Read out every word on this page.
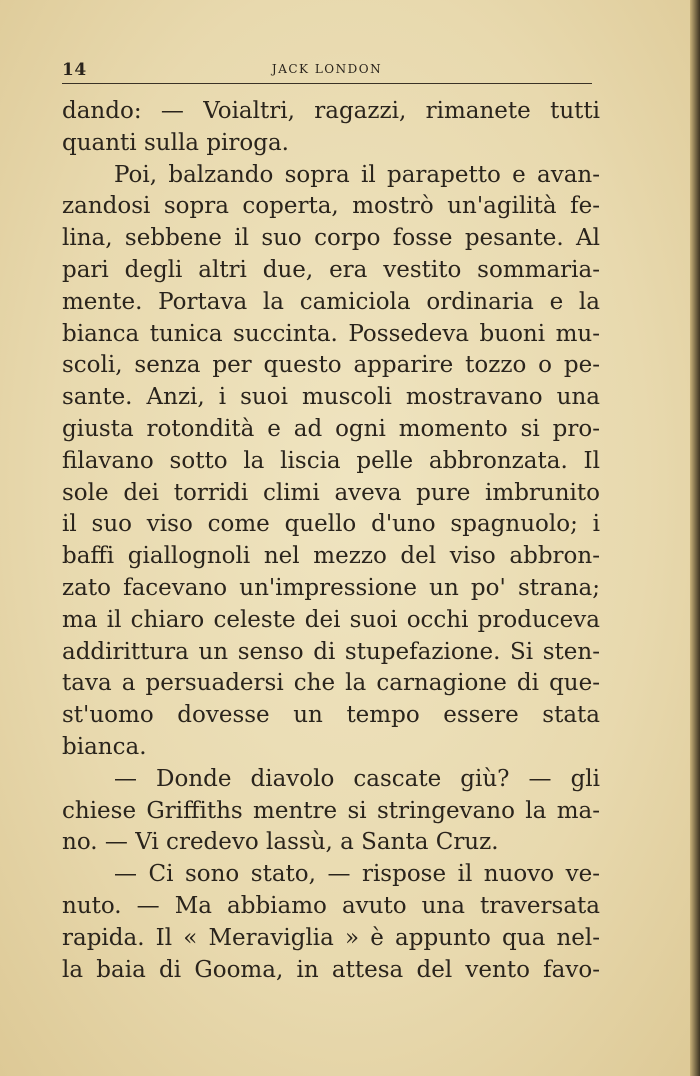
14	JACK LONDON
dando: — Voialtri, ragazzi, rimanete tutti
quanti sulla piroga.
Poi, balzando sopra il parapetto e avan-
zandosi sopra coperta, mostrò un'agilità fe-
lina, sebbene il suo corpo fosse pesante. Al
pari degli altri due, era vestito sommaria-
mente. Portava la camiciola ordinaria e la
bianca tunica succinta. Possedeva buoni mu-
scoli, senza per questo apparire tozzo o pe-
sante. Anzi, i suoi muscoli mostravano una
giusta rotondità e ad ogni momento si pro-
filavano sotto la liscia pelle abbronzata. Il
sole dei torridi climi aveva pure imbrunito
il suo viso come quello d'uno spagnuolo; i
baffi giallognoli nel mezzo del viso abbron-
zato facevano un'impressione un po' strana;
ma il chiaro celeste dei suoi occhi produceva
addirittura un senso di stupefazione. Si sten-
tava a persuadersi che la carnagione di que-
st'uomo dovesse un tempo essere stata
bianca.
— Donde diavolo cascate giù? — gli
chiese Griffiths mentre si stringevano la ma-
no. — Vi credevo lassù, a Santa Cruz.
— Ci sono stato, — rispose il nuovo ve-
nuto. — Ma abbiamo avuto una traversata
rapida. Il « Meraviglia » è appunto qua nel-
la baia di Gooma, in attesa del vento favo-
